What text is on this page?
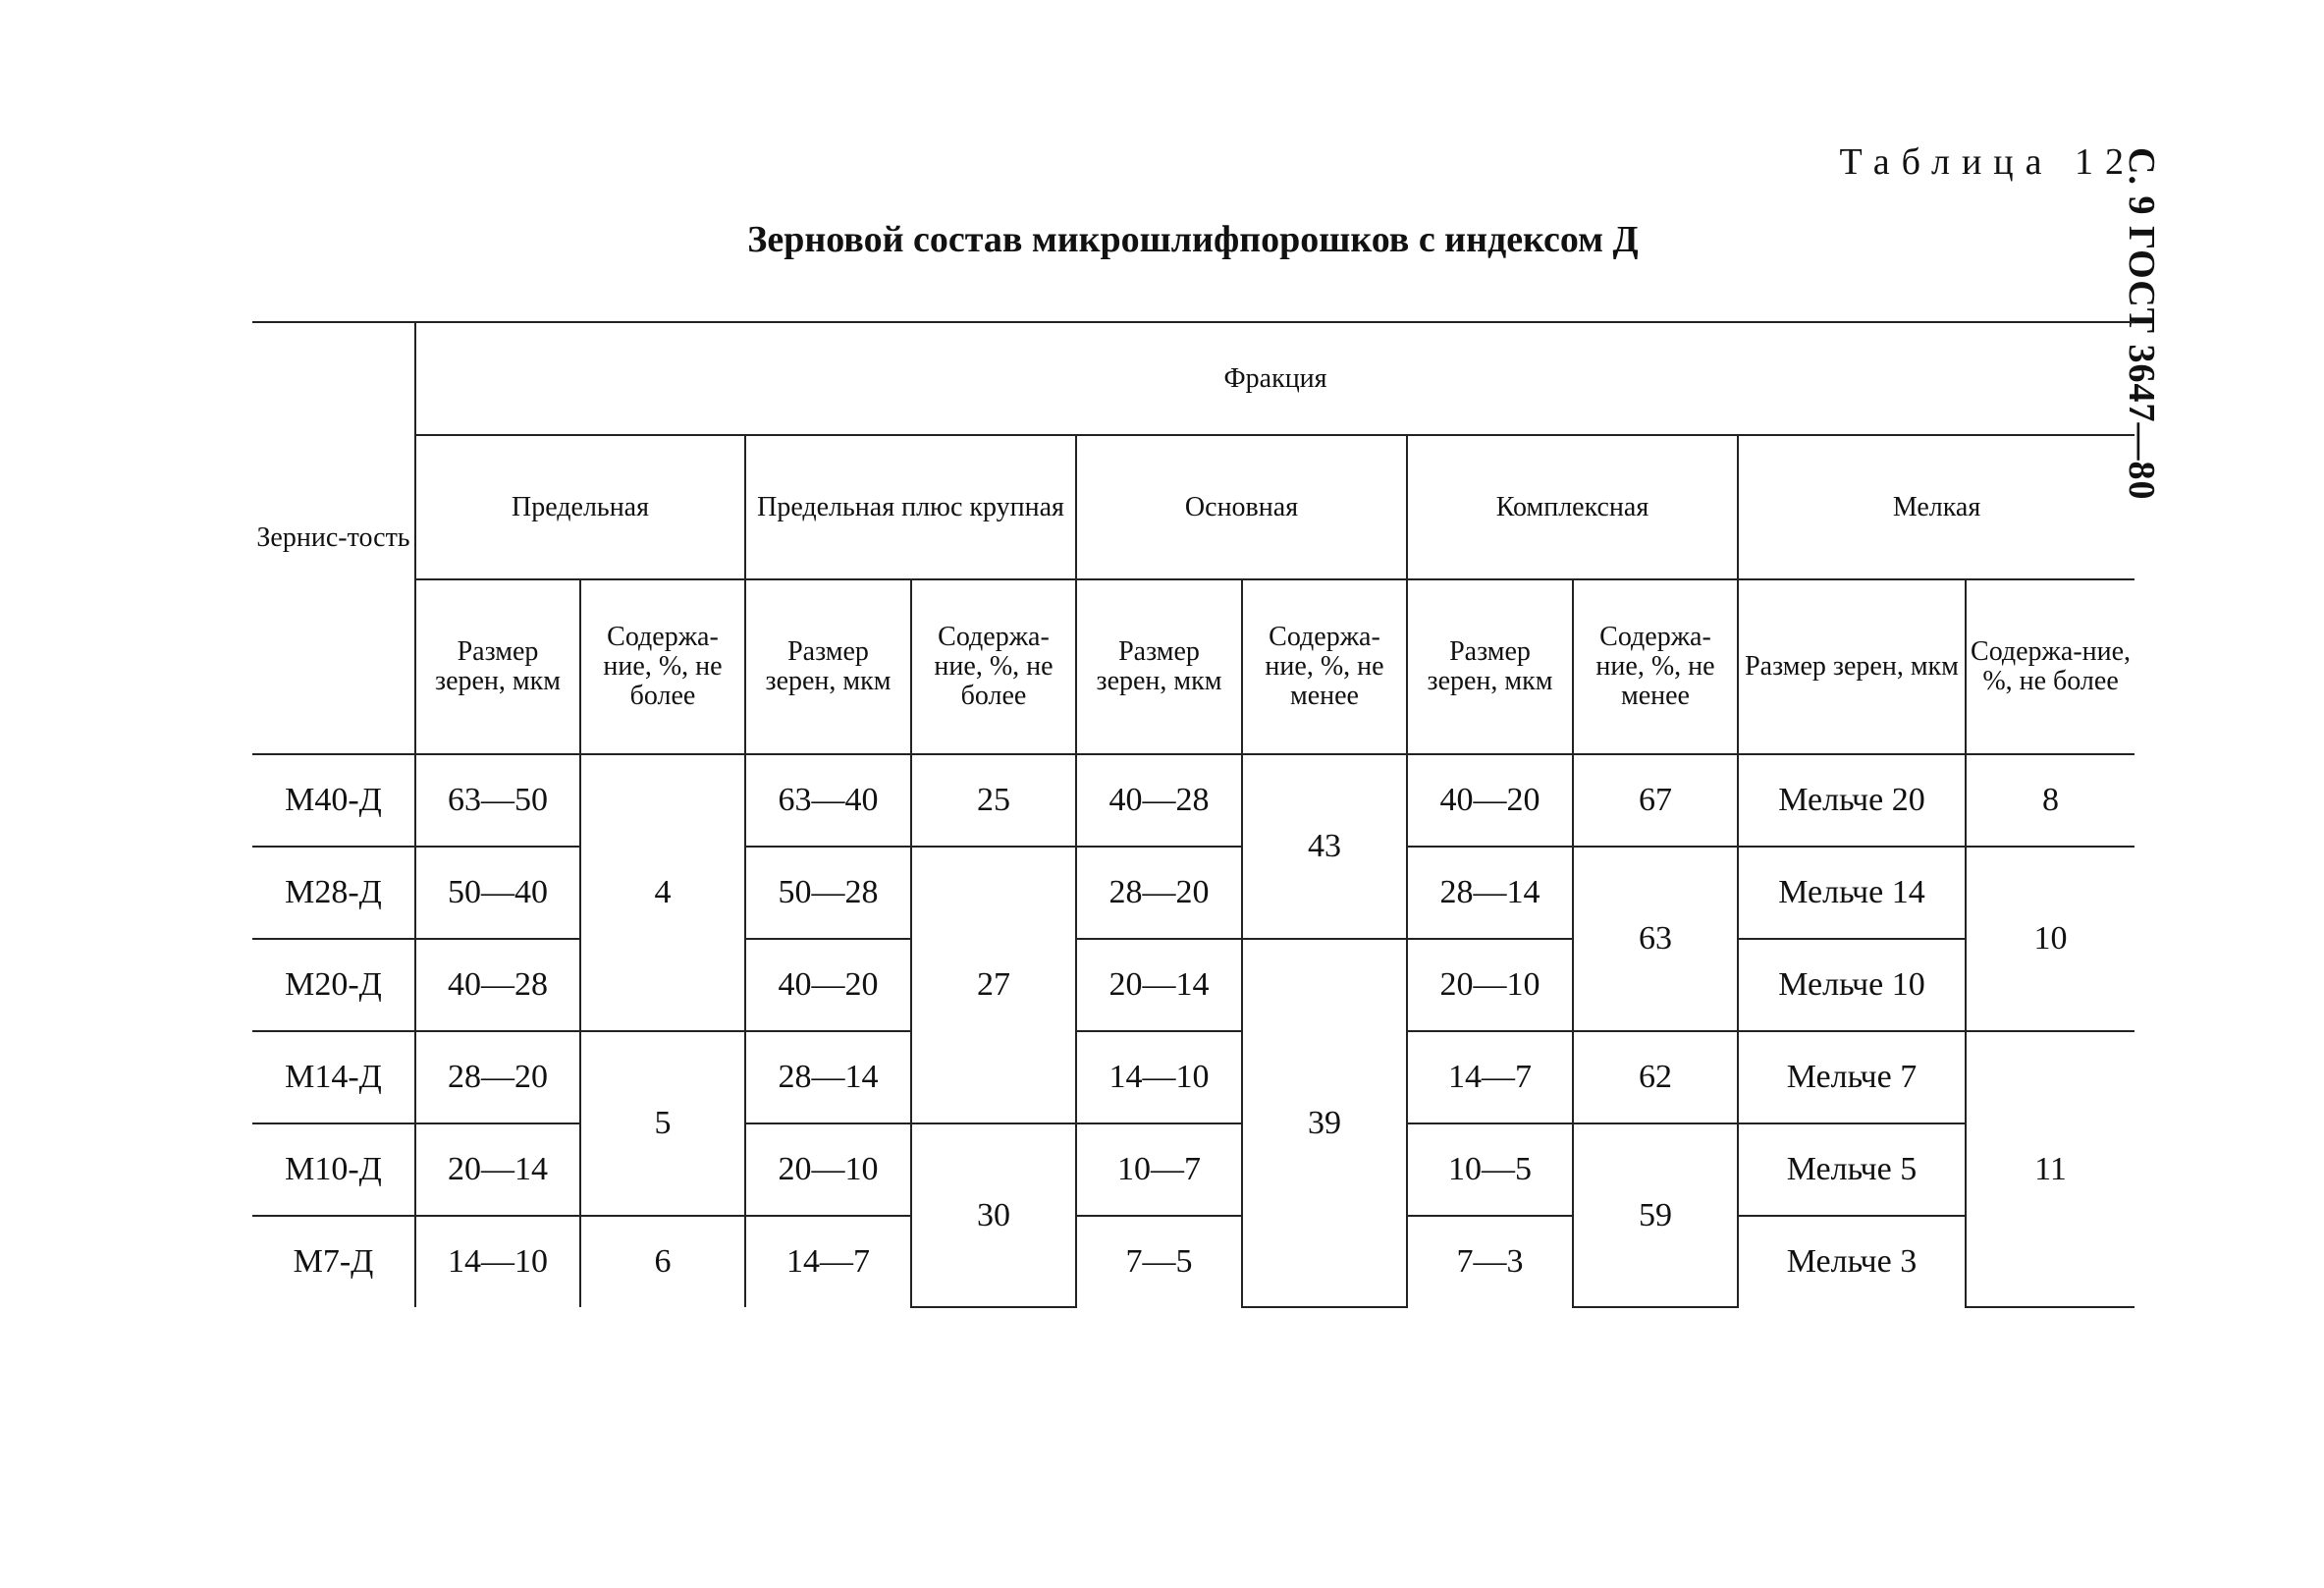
Таблица 12
С. 9 ГОСТ 3647—80
Зерновой состав микрошлифпорошков с индексом Д
Зернис-тость	Фракция									
	Предельная		Предельная плюс крупная		Основная		Комплексная		Мелкая	
	Размер зерен, мкм	Содержа-ние, %, не более	Размер зерен, мкм	Содержа-ние, %, не более	Размер зерен, мкм	Содержа-ние, %, не менее	Размер зерен, мкм	Содержа-ние, %, не менее	Размер зерен, мкм	Содержа-ние, %, не более
М40-Д	63—50	4	63—40	25	40—28	43	40—20	67	Мельче 20	8
М28-Д	50—40		50—28	27	28—20		28—14	63	Мельче 14	10
М20-Д	40—28		40—20		20—14	39	20—10		Мельче 10	
М14-Д	28—20	5	28—14		14—10		14—7	62	Мельче 7	11
М10-Д	20—14		20—10	30	10—7		10—5	59	Мельче 5	
М7-Д	14—10	6	14—7		7—5		7—3		Мельче 3	
